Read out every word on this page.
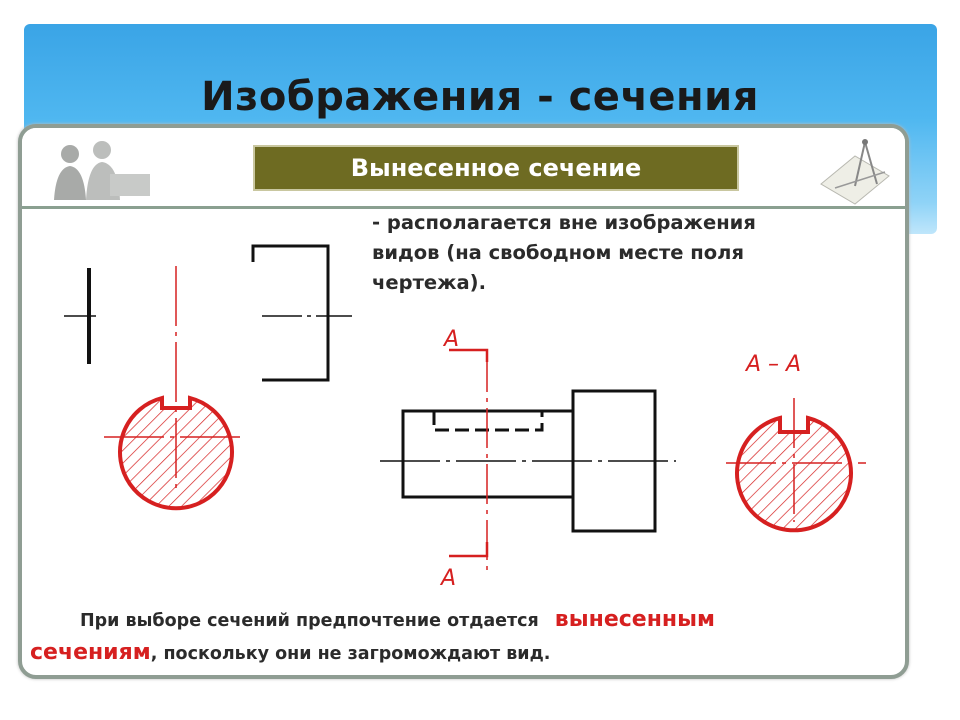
Изображения - сечения
Вынесенное сечение
- располагается вне изображения
видов (на свободном месте поля
чертежа).
А
А
А – А
При выборе сечений предпочтение отдается вынесенным
сечениям, поскольку они не загромождают вид.
